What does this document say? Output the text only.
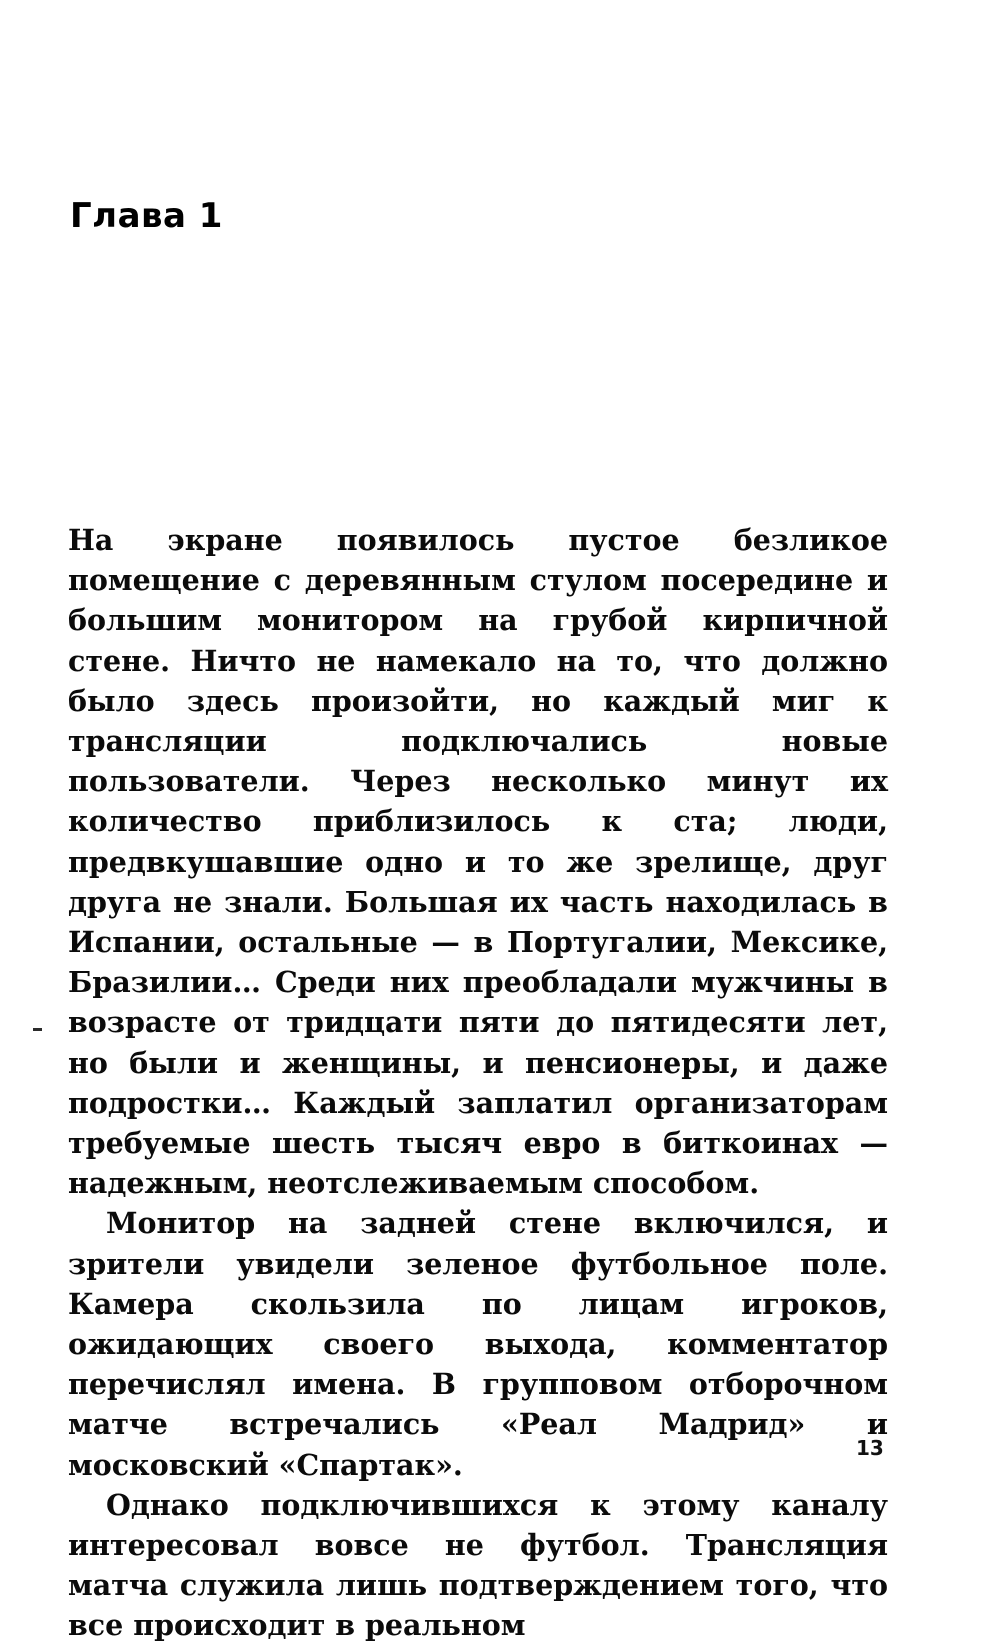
Глава 1

На экране появилось пустое безликое помещение с деревянным стулом посередине и большим монитором на грубой кирпичной стене. Ничто не намекало на то, что должно было здесь произойти, но каждый миг к трансляции подключались новые пользователи. Через несколько минут их количество приблизилось к ста; люди, предвкушавшие одно и то же зрелище, друг друга не знали. Большая их часть находилась в Испании, остальные — в Португалии, Мексике, Бразилии… Среди них преобладали мужчины в возрасте от тридцати пяти до пятидесяти лет, но были и женщины, и пенсионеры, и даже подростки… Каждый заплатил организаторам требуемые шесть тысяч евро в биткоинах — надежным, неотслеживаемым способом.

Монитор на задней стене включился, и зрители увидели зеленое футбольное поле. Камера скользила по лицам игроков, ожидающих своего выхода, комментатор перечислял имена. В групповом отборочном матче встречались «Реал Мадрид» и московский «Спартак».

Однако подключившихся к этому каналу интересовал вовсе не футбол. Трансляция матча служила лишь подтверждением того, что все происходит в реальном

13
